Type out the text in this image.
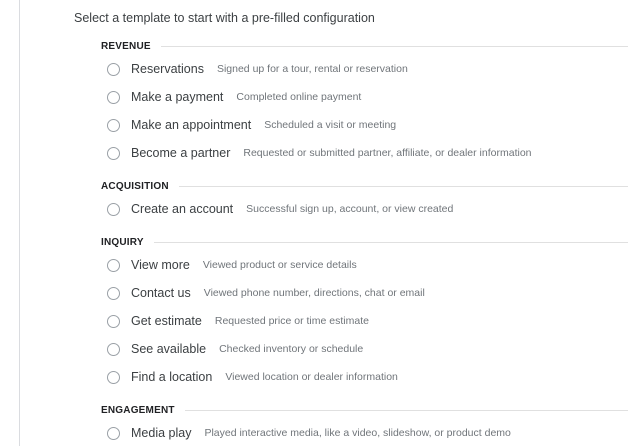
Select a template to start with a pre-filled configuration
REVENUE
Reservations Signed up for a tour, rental or reservation
Make a payment Completed online payment
Make an appointment Scheduled a visit or meeting
Become a partner Requested or submitted partner, affiliate, or dealer information
ACQUISITION
Create an account Successful sign up, account, or view created
INQUIRY
View more Viewed product or service details
Contact us Viewed phone number, directions, chat or email
Get estimate Requested price or time estimate
See available Checked inventory or schedule
Find a location Viewed location or dealer information
ENGAGEMENT
Media play Played interactive media, like a video, slideshow, or product demo
